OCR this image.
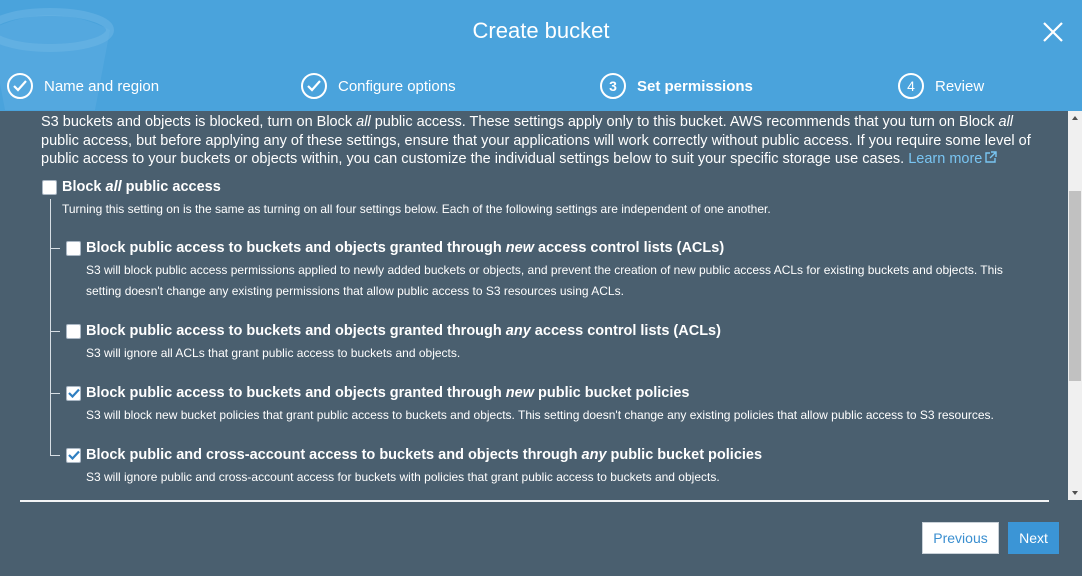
Create bucket
Name and region	Configure options	3	Set permissions	4	Review
S3 buckets and objects is blocked, turn on Block all public access. These settings apply only to this bucket. AWS recommends that you turn on Block all public access, but before applying any of these settings, ensure that your applications will work correctly without public access. If you require some level of public access to your buckets or objects within, you can customize the individual settings below to suit your specific storage use cases. Learn more
Block all public access
Turning this setting on is the same as turning on all four settings below. Each of the following settings are independent of one another.
Block public access to buckets and objects granted through new access control lists (ACLs)
S3 will block public access permissions applied to newly added buckets or objects, and prevent the creation of new public access ACLs for existing buckets and objects. This setting doesn't change any existing permissions that allow public access to S3 resources using ACLs.
Block public access to buckets and objects granted through any access control lists (ACLs)
S3 will ignore all ACLs that grant public access to buckets and objects.
Block public access to buckets and objects granted through new public bucket policies
S3 will block new bucket policies that grant public access to buckets and objects. This setting doesn't change any existing policies that allow public access to S3 resources.
Block public and cross-account access to buckets and objects through any public bucket policies
S3 will ignore public and cross-account access for buckets with policies that grant public access to buckets and objects.
Previous	Next
